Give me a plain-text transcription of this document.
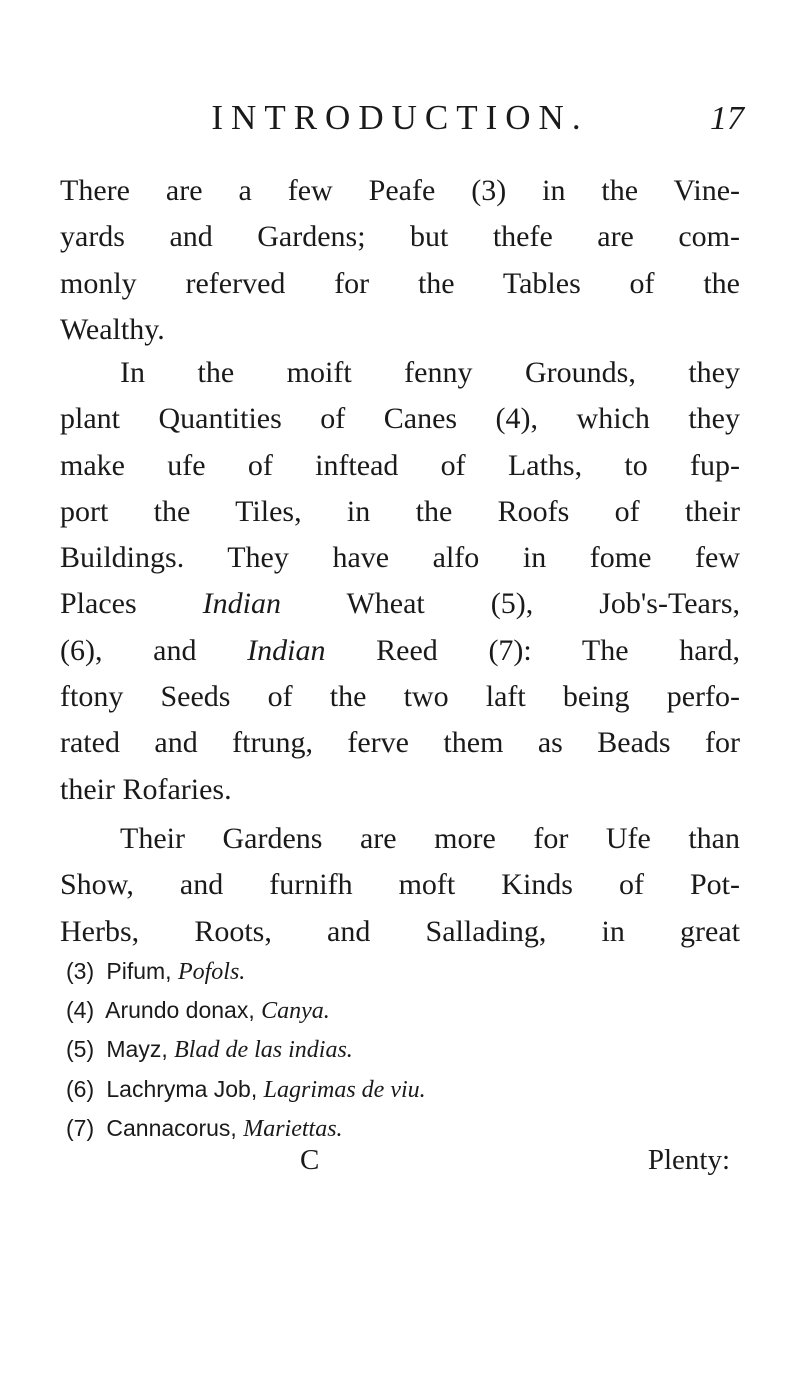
INTRODUCTION.	17
There are a few Peafe (3) in the Vine-
yards and Gardens; but thefe are com-
monly referved for the Tables of the
Wealthy.
In the moift fenny Grounds, they
plant Quantities of Canes (4), which they
make ufe of inftead of Laths, to fup-
port the Tiles, in the Roofs of their
Buildings. They have alfo in fome few
Places Indian Wheat (5), Job's-Tears,
(6), and Indian Reed (7): The hard,
ftony Seeds of the two laft being perfo-
rated and ftrung, ferve them as Beads for
their Rofaries.
Their Gardens are more for Ufe than
Show, and furnifh moft Kinds of Pot-
Herbs, Roots, and Sallading, in great
(3) Pifum, Pofols.
(4) Arundo donax, Canya.
(5) Mayz, Blad de las indias.
(6) Lachryma Job, Lagrimas de viu.
(7) Cannacorus, Mariettas.
C	Plenty:
